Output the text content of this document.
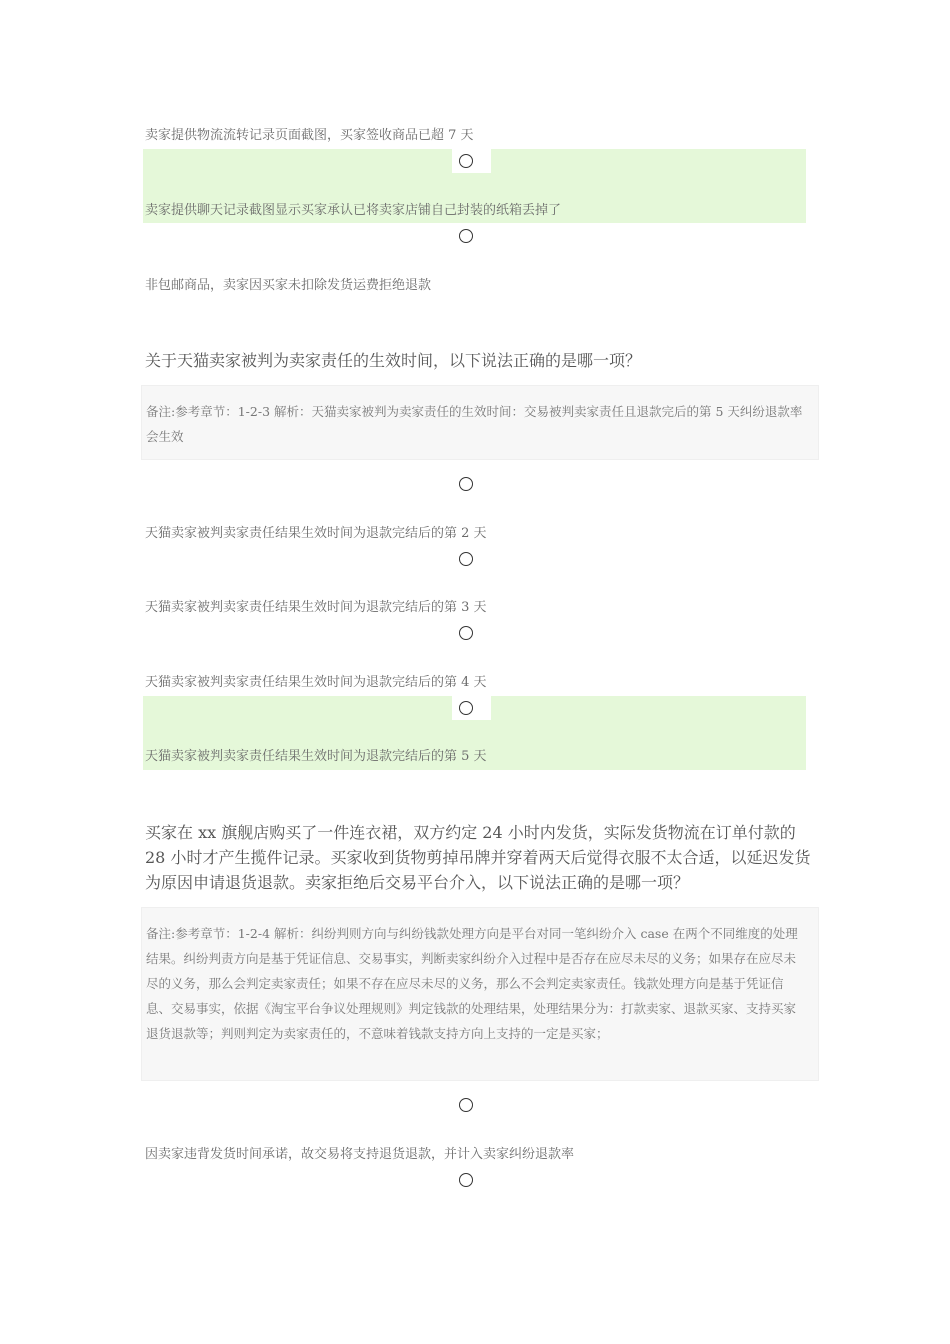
卖家提供物流流转记录页面截图，买家签收商品已超 7 天
卖家提供聊天记录截图显示买家承认已将卖家店铺自己封装的纸箱丢掉了
非包邮商品，卖家因买家未扣除发货运费拒绝退款
关于天猫卖家被判为卖家责任的生效时间，以下说法正确的是哪一项？
备注:参考章节：1-2-3 解析：天猫卖家被判为卖家责任的生效时间：交易被判卖家责任且退款完后的第 5 天纠纷退款率会生效
天猫卖家被判卖家责任结果生效时间为退款完结后的第 2 天
天猫卖家被判卖家责任结果生效时间为退款完结后的第 3 天
天猫卖家被判卖家责任结果生效时间为退款完结后的第 4 天
天猫卖家被判卖家责任结果生效时间为退款完结后的第 5 天
买家在 xx 旗舰店购买了一件连衣裙，双方约定 24 小时内发货，实际发货物流在订单付款的 28 小时才产生揽件记录。买家收到货物剪掉吊牌并穿着两天后觉得衣服不太合适，以延迟发货为原因申请退货退款。卖家拒绝后交易平台介入，以下说法正确的是哪一项？
备注:参考章节：1-2-4 解析：纠纷判则方向与纠纷钱款处理方向是平台对同一笔纠纷介入 case 在两个不同维度的处理结果。纠纷判责方向是基于凭证信息、交易事实，判断卖家纠纷介入过程中是否存在应尽未尽的义务；如果存在应尽未尽的义务，那么会判定卖家责任；如果不存在应尽未尽的义务，那么不会判定卖家责任。钱款处理方向是基于凭证信息、交易事实，依据《淘宝平台争议处理规则》判定钱款的处理结果，处理结果分为：打款卖家、退款买家、支持买家退货退款等；判则判定为卖家责任的，不意味着钱款支持方向上支持的一定是买家；
因卖家违背发货时间承诺，故交易将支持退货退款，并计入卖家纠纷退款率
